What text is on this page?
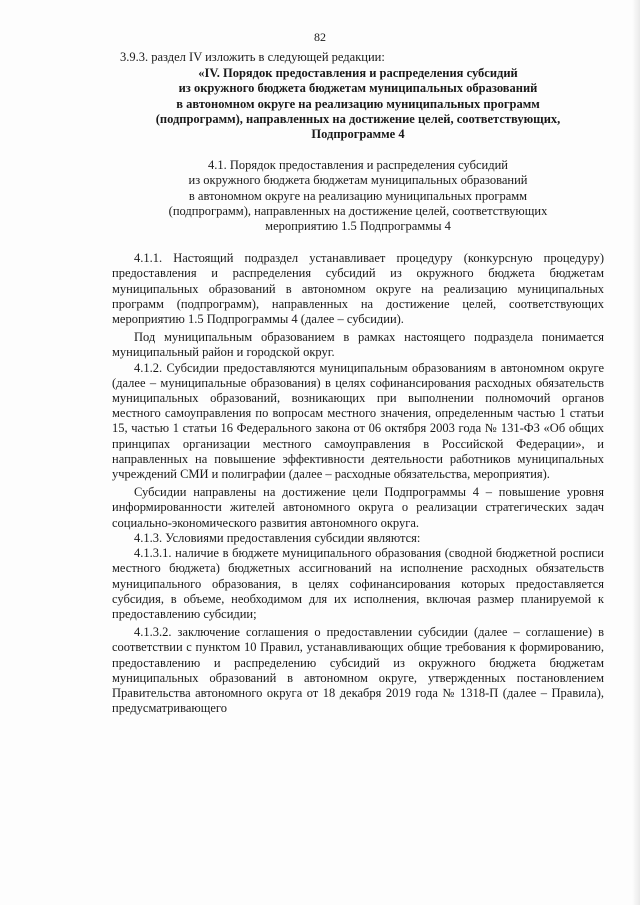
82

3.9.3. раздел IV изложить в следующей редакции:

«IV. Порядок предоставления и распределения субсидий
из окружного бюджета бюджетам муниципальных образований
в автономном округе на реализацию муниципальных программ
(подпрограмм), направленных на достижение целей, соответствующих,
Подпрограмме 4
4.1. Порядок предоставления и распределения субсидий
из окружного бюджета бюджетам муниципальных образований
в автономном округе на реализацию муниципальных программ
(подпрограмм), направленных на достижение целей, соответствующих
мероприятию 1.5 Подпрограммы 4

4.1.1. Настоящий подраздел устанавливает процедуру (конкурсную процедуру) предоставления и распределения субсидий из окружного бюджета бюджетам муниципальных образований в автономном округе на реализацию муниципальных программ (подпрограмм), направленных на достижение целей, соответствующих мероприятию 1.5 Подпрограммы 4 (далее – субсидии).

Под муниципальным образованием в рамках настоящего подраздела понимается муниципальный район и городской округ.

4.1.2. Субсидии предоставляются муниципальным образованиям в автономном округе (далее – муниципальные образования) в целях софинансирования расходных обязательств муниципальных образований, возникающих при выполнении полномочий органов местного самоуправления по вопросам местного значения, определенным частью 1 статьи 15, частью 1 статьи 16 Федерального закона от 06 октября 2003 года № 131-ФЗ «Об общих принципах организации местного самоуправления в Российской Федерации», и направленных на повышение эффективности деятельности работников муниципальных учреждений СМИ и полиграфии (далее – расходные обязательства, мероприятия).

Субсидии направлены на достижение цели Подпрограммы 4 – повышение уровня информированности жителей автономного округа о реализации стратегических задач социально-экономического развития автономного округа.

4.1.3. Условиями предоставления субсидии являются:

4.1.3.1. наличие в бюджете муниципального образования (сводной бюджетной росписи местного бюджета) бюджетных ассигнований на исполнение расходных обязательств муниципального образования, в целях софинансирования которых предоставляется субсидия, в объеме, необходимом для их исполнения, включая размер планируемой к предоставлению субсидии;

4.1.3.2. заключение соглашения о предоставлении субсидии (далее – соглашение) в соответствии с пунктом 10 Правил, устанавливающих общие требования к формированию, предоставлению и распределению субсидий из окружного бюджета бюджетам муниципальных образований в автономном округе, утвержденных постановлением Правительства автономного округа от 18 декабря 2019 года № 1318-П (далее – Правила), предусматривающего
